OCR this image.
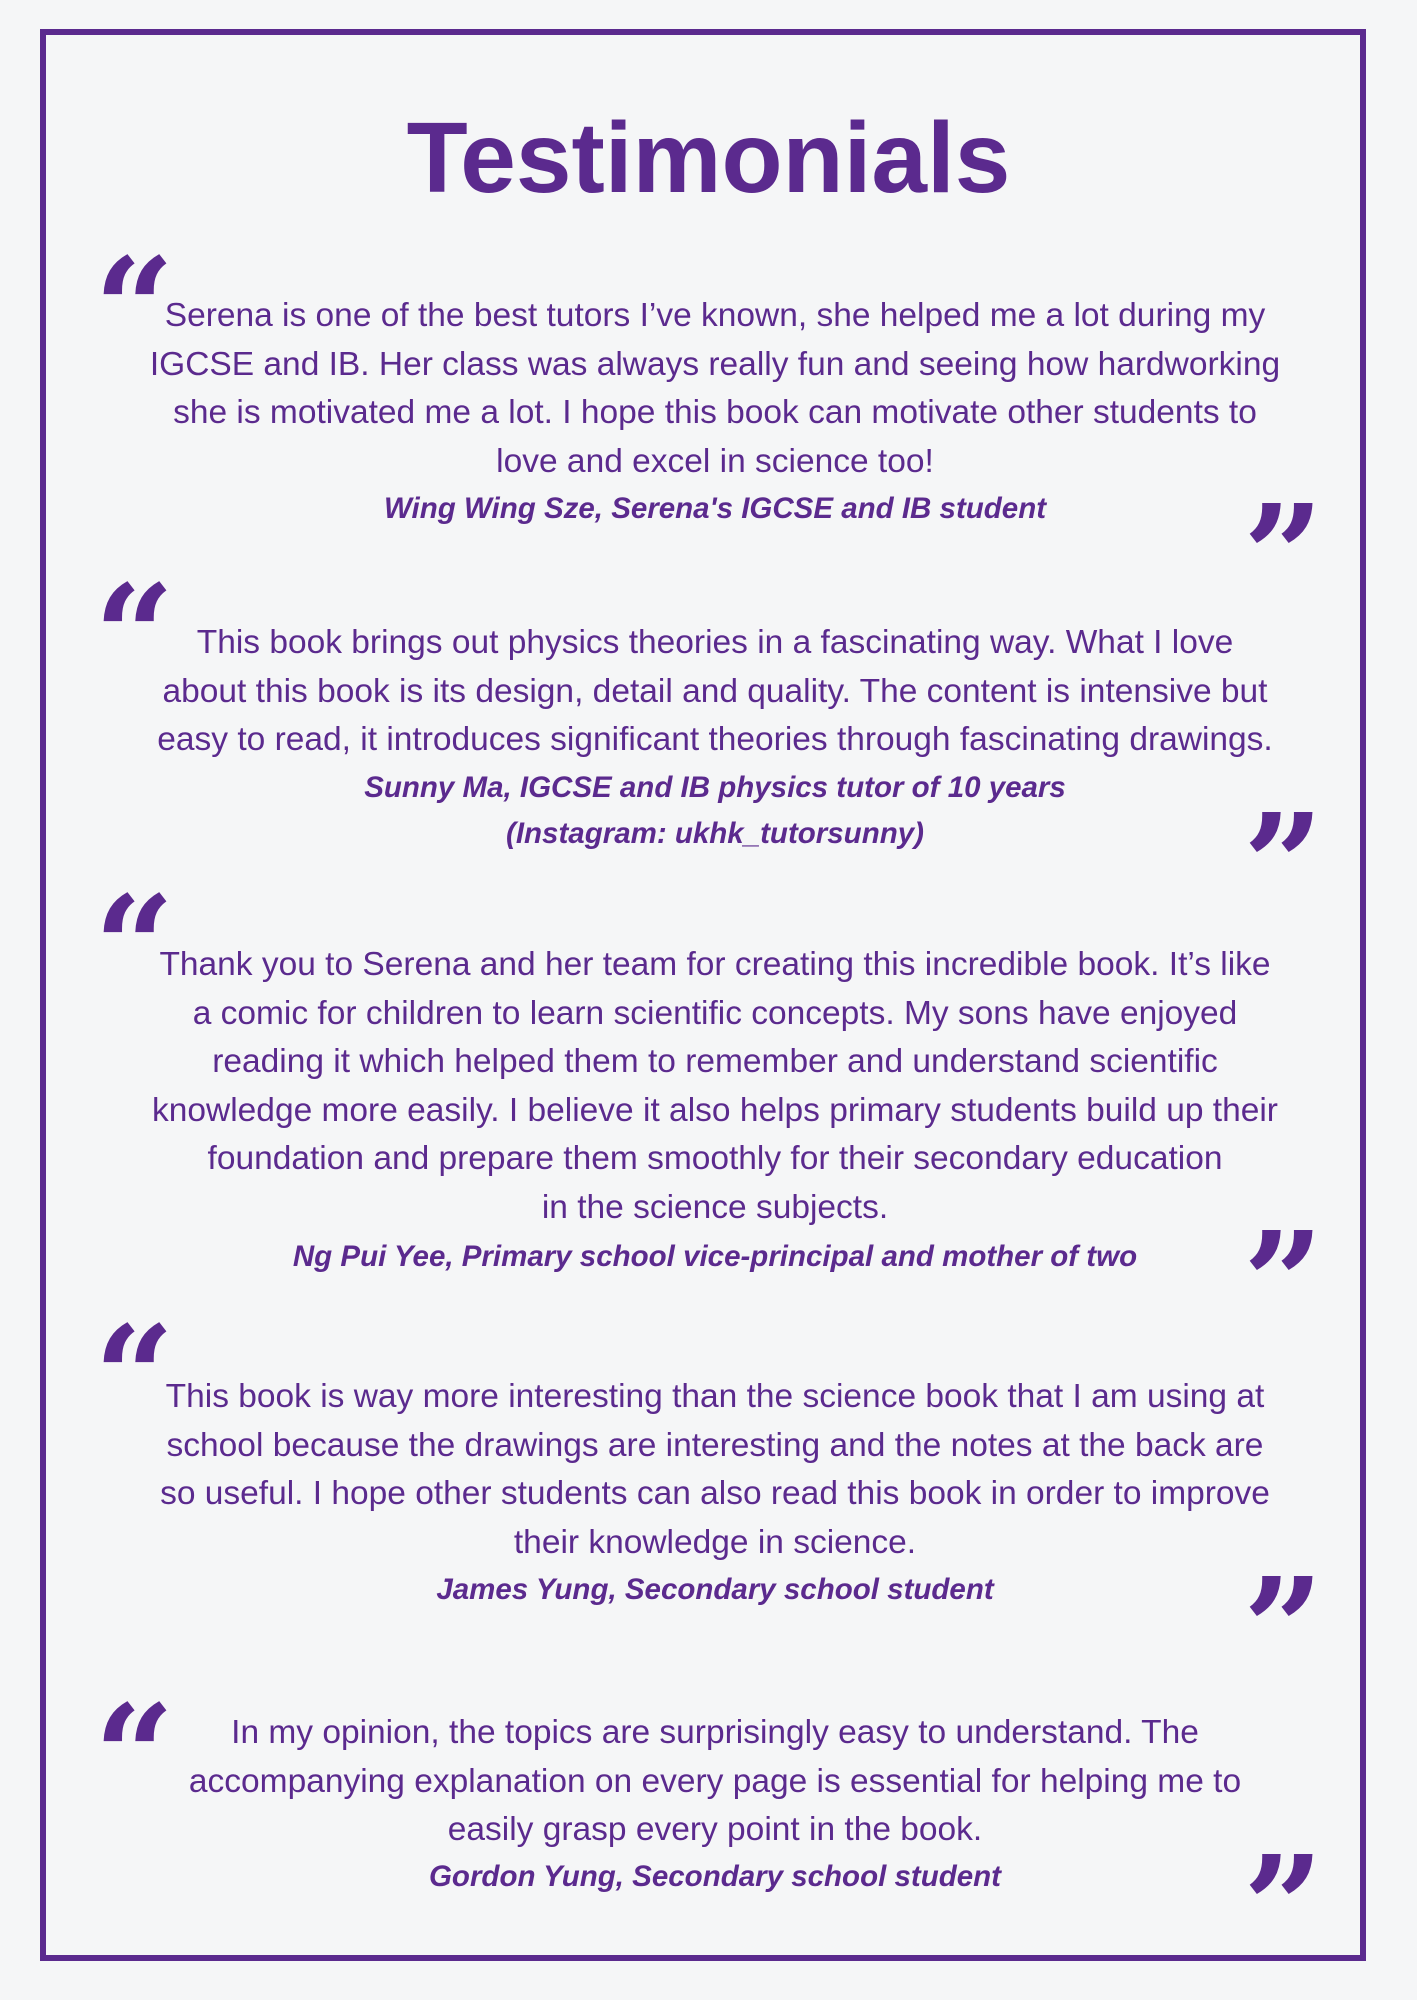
Testimonials
“

Serena is one of the best tutors I’ve known, she helped me a lot during my
IGCSE and IB. Her class was always really fun and seeing how hardworking
she is motivated me a lot. I hope this book can motivate other students to
love and excel in science too!

Wing Wing Sze, Serena's IGCSE and IB student	”
“ This book brings out physics theories in a fascinating way. What I love
about this book is its design, detail and quality. The content is intensive but
easy to read, it introduces significant theories through fascinating drawings.

Sunny Ma, IGCSE and IB physics tutor of 10 years
(Instagram: ukhk_tutorsunny)	”
“

Thank you to Serena and her team for creating this incredible book. It’s like
a comic for children to learn scientific concepts. My sons have enjoyed
reading it which helped them to remember and understand scientific
knowledge more easily. I believe it also helps primary students build up their
foundation and prepare them smoothly for their secondary education
in the science subjects.

Ng Pui Yee, Primary school vice-principal and mother of two ”
“

This book is way more interesting than the science book that I am using at
school because the drawings are interesting and the notes at the back are
so useful. I hope other students can also read this book in order to improve
their knowledge in science.

James Yung, Secondary school student	”
“	In my opinion, the topics are surprisingly easy to understand. The
accompanying explanation on every page is essential for helping me to
easily grasp every point in the book.

Gordon Yung, Secondary school student	”
